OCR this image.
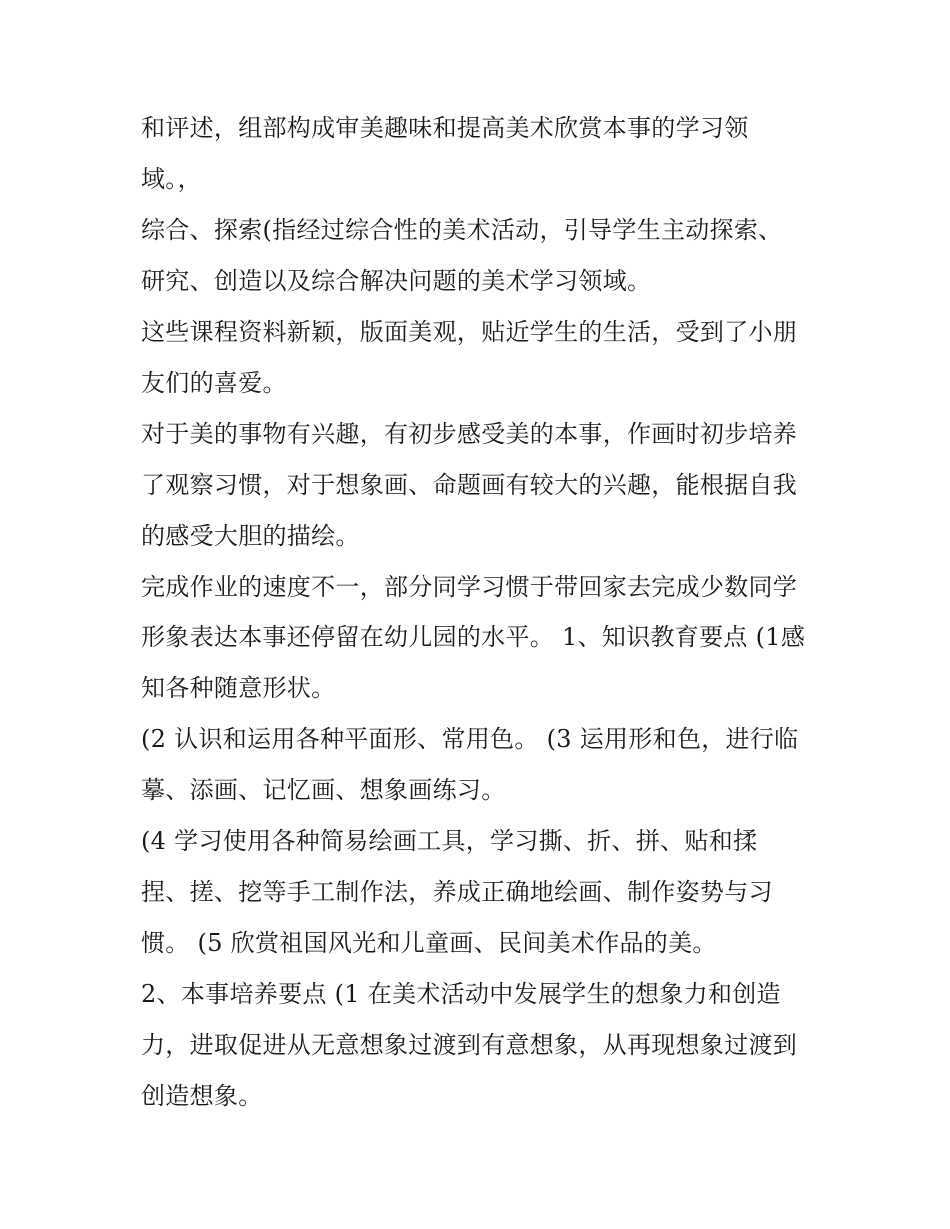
和评述，组部构成审美趣味和提高美术欣赏本事的学习领
域。，
综合、探索(指经过综合性的美术活动，引导学生主动探索、
研究、创造以及综合解决问题的美术学习领域。
这些课程资料新颖，版面美观，贴近学生的生活，受到了小朋
友们的喜爱。
对于美的事物有兴趣，有初步感受美的本事，作画时初步培养
了观察习惯，对于想象画、命题画有较大的兴趣，能根据自我
的感受大胆的描绘。
完成作业的速度不一，部分同学习惯于带回家去完成少数同学
形象表达本事还停留在幼儿园的水平。 1、知识教育要点 (1感
知各种随意形状。
(2 认识和运用各种平面形、常用色。 (3 运用形和色，进行临
摹、添画、记忆画、想象画练习。
(4 学习使用各种简易绘画工具，学习撕、折、拼、贴和揉
捏、搓、挖等手工制作法，养成正确地绘画、制作姿势与习
惯。 (5 欣赏祖国风光和儿童画、民间美术作品的美。
2、本事培养要点 (1 在美术活动中发展学生的想象力和创造
力，进取促进从无意想象过渡到有意想象，从再现想象过渡到
创造想象。
